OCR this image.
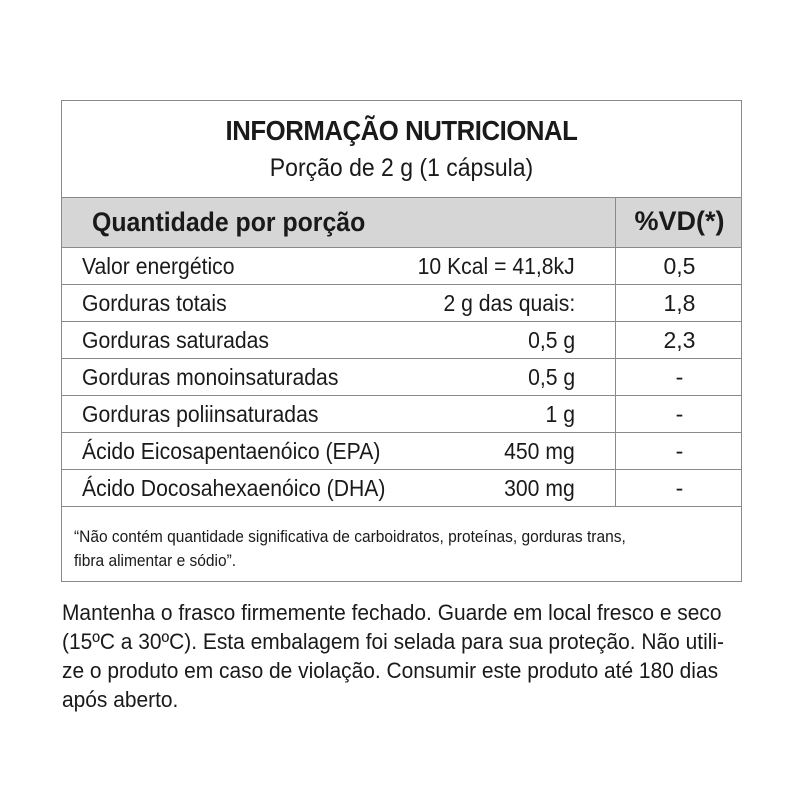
INFORMAÇÃO NUTRICIONAL
Porção de 2 g (1 cápsula)
Quantidade por porção	%VD(*)
Valor energético	10 Kcal = 41,8kJ	0,5
Gorduras totais	2 g das quais:	1,8
Gorduras saturadas	0,5 g	2,3
Gorduras monoinsaturadas	0,5 g	-
Gorduras poliinsaturadas	1 g	-
Ácido Eicosapentaenóico (EPA)	450 mg	-
Ácido Docosahexaenóico (DHA)	300 mg	-
“Não contém quantidade significativa de carboidratos, proteínas, gorduras trans,
fibra alimentar e sódio”.
Mantenha o frasco firmemente fechado. Guarde em local fresco e seco
(15ºC a 30ºC). Esta embalagem foi selada para sua proteção. Não utili-
ze o produto em caso de violação. Consumir este produto até 180 dias
após aberto.
